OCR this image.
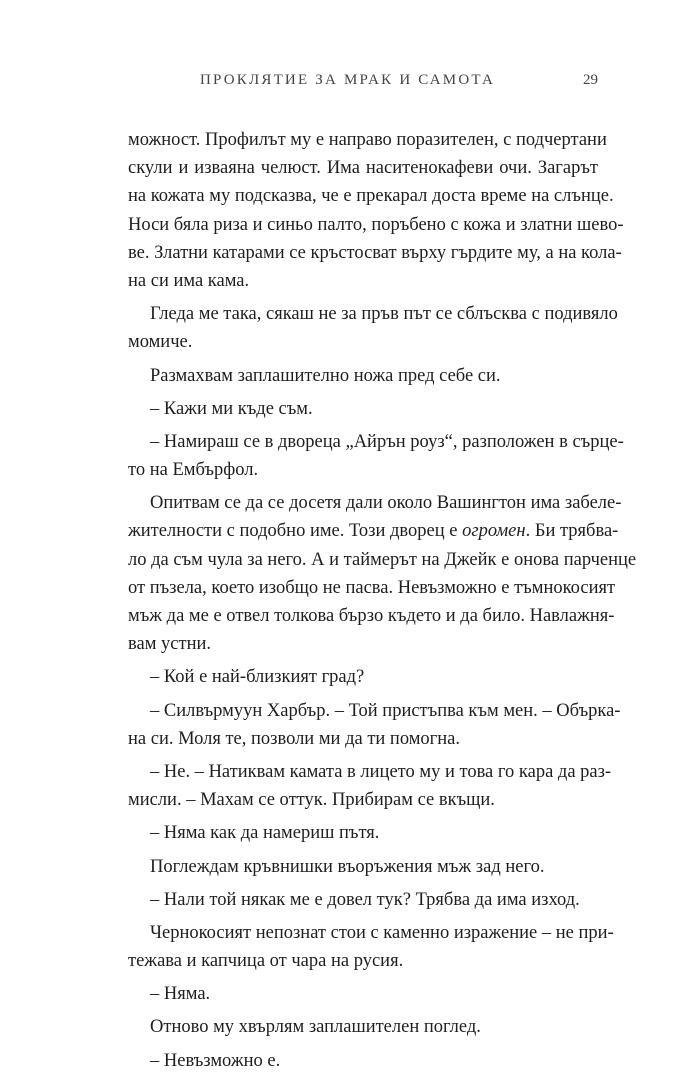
ПРОКЛЯТИЕ ЗА МРАК И САМОТА	29
можност. Профилът му е направо поразителен, с подчертани
скули и изваяна челюст. Има наситенокафеви очи. Загарът
на кожата му подсказва, че е прекарал доста време на слънце.
Носи бяла риза и синьо палто, поръбено с кожа и златни шево-
ве. Златни катарами се кръстосват върху гърдите му, а на кола-
на си има кама.
Гледа ме така, сякаш не за пръв път се сблъсква с подивяло
момиче.
Размахвам заплашително ножа пред себе си.
– Кажи ми къде съм.
– Намираш се в двореца „Айрън роуз“, разположен в сърце-
то на Ембърфол.
Опитвам се да се досетя дали около Вашингтон има забеле-
жителности с подобно име. Този дворец е огромен. Би трябва-
ло да съм чула за него. А и таймерът на Джейк е онова парченце
от пъзела, което изобщо не пасва. Невъзможно е тъмнокосият
мъж да ме е отвел толкова бързо където и да било. Навлажня-
вам устни.
– Кой е най-близкият град?
– Силвърмуун Харбър. – Той пристъпва към мен. – Обърка-
на си. Моля те, позволи ми да ти помогна.
– Не. – Натиквам камата в лицето му и това го кара да раз-
мисли. – Махам се оттук. Прибирам се вкъщи.
– Няма как да намериш пътя.
Поглеждам кръвнишки въоръжения мъж зад него.
– Нали той някак ме е довел тук? Трябва да има изход.
Чернокосият непознат стои с каменно изражение – не при-
тежава и капчица от чара на русия.
– Няма.
Отново му хвърлям заплашителен поглед.
– Невъзможно е.
